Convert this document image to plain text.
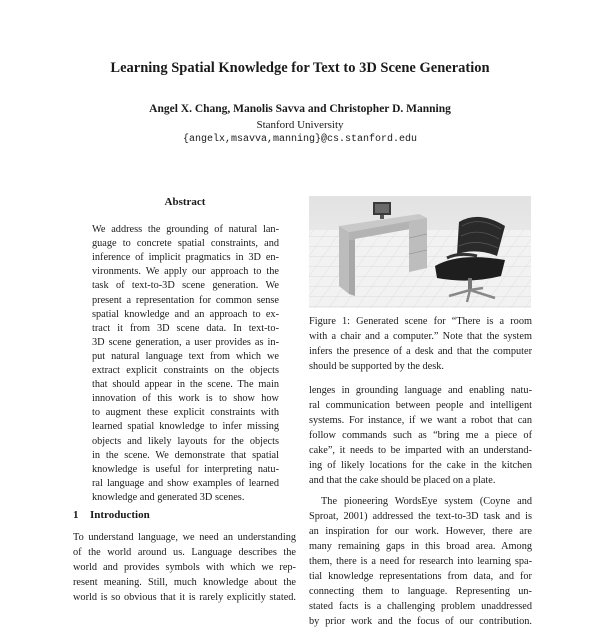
Learning Spatial Knowledge for Text to 3D Scene Generation
Angel X. Chang, Manolis Savva and Christopher D. Manning
Stanford University
{angelx,msavva,manning}@cs.stanford.edu
Abstract
We address the grounding of natural lan-
guage to concrete spatial constraints, and
inference of implicit pragmatics in 3D en-
vironments. We apply our approach to the
task of text-to-3D scene generation. We
present a representation for common sense
spatial knowledge and an approach to ex-
tract it from 3D scene data. In text-to-
3D scene generation, a user provides as in-
put natural language text from which we
extract explicit constraints on the objects
that should appear in the scene. The main
innovation of this work is to show how
to augment these explicit constraints with
learned spatial knowledge to infer missing
objects and likely layouts for the objects
in the scene. We demonstrate that spatial
knowledge is useful for interpreting natu-
ral language and show examples of learned
knowledge and generated 3D scenes.
1 Introduction
To understand language, we need an understanding
of the world around us. Language describes the
world and provides symbols with which we rep-
resent meaning. Still, much knowledge about the
world is so obvious that it is rarely explicitly stated.
Figure 1: Generated scene for “There is a room
with a chair and a computer.” Note that the system
infers the presence of a desk and that the computer
should be supported by the desk.
lenges in grounding language and enabling natu-
ral communication between people and intelligent
systems. For instance, if we want a robot that can
follow commands such as “bring me a piece of
cake”, it needs to be imparted with an understand-
ing of likely locations for the cake in the kitchen
and that the cake should be placed on a plate.
The pioneering WordsEye system (Coyne and
Sproat, 2001) addressed the text-to-3D task and is
an inspiration for our work. However, there are
many remaining gaps in this broad area. Among
them, there is a need for research into learning spa-
tial knowledge representations from data, and for
connecting them to language. Representing un-
stated facts is a challenging problem unaddressed
by prior work and the focus of our contribution.
